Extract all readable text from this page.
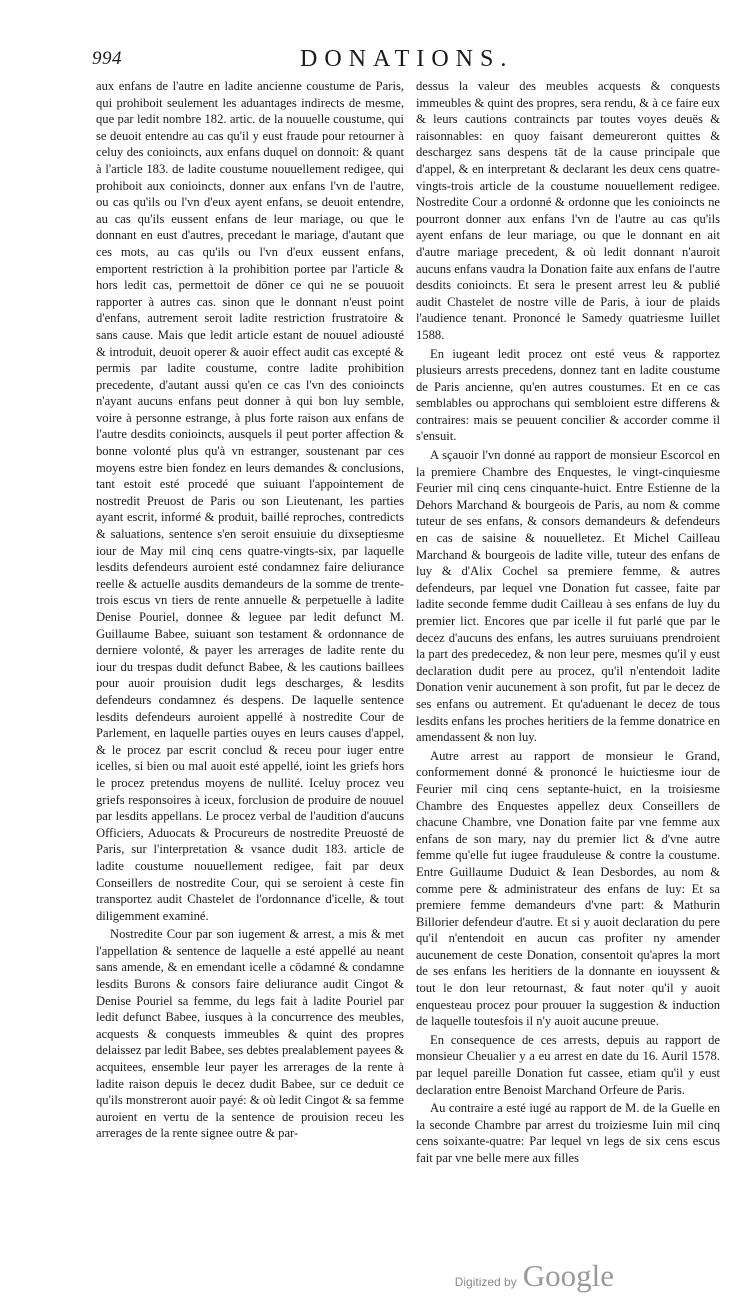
994	DONATIONS.

aux enfans de l'autre en ladite ancienne coustume de Paris, qui prohiboit seulement les aduantages indirects de mesme, que par ledit nombre 182. artic. de la nouuelle coustume, qui se deuoit entendre au cas qu'il y eust fraude pour retourner à celuy des conioincts, aux enfans duquel on donnoit: & quant à l'article 183. de ladite coustume nouuellement redigee, qui prohiboit aux conioincts, donner aux enfans l'vn de l'autre, ou cas qu'ils ou l'vn d'eux ayent enfans, se deuoit entendre, au cas qu'ils eussent enfans de leur mariage, ou que le donnant en eust d'autres, precedant le mariage, d'autant que ces mots, au cas qu'ils ou l'vn d'eux eussent enfans, emportent restriction à la prohibition portee par l'article & hors ledit cas, permettoit de dōner ce qui ne se pouuoit rapporter à autres cas. sinon que le donnant n'eust point d'enfans, autrement seroit ladite restriction frustratoire & sans cause. Mais que ledit article estant de nouuel adiousté & introduit, deuoit operer & auoir effect audit cas excepté & permis par ladite coustume, contre ladite prohibition precedente, d'autant aussi qu'en ce cas l'vn des conioincts n'ayant aucuns enfans peut donner à qui bon luy semble, voire à personne estrange, à plus forte raison aux enfans de l'autre desdits conioincts, ausquels il peut porter affection & bonne volonté plus qu'à vn estranger, soustenant par ces moyens estre bien fondez en leurs demandes & conclusions, tant estoit esté procedé que suiuant l'appointement de nostredit Preuost de Paris ou son Lieutenant, les parties ayant escrit, informé & produit, baillé reproches, contredicts & saluations, sentence s'en seroit ensuiuie du dixseptiesme iour de May mil cinq cens quatre-vingts-six, par laquelle lesdits defendeurs auroient esté condamnez faire deliurance reelle & actuelle ausdits demandeurs de la somme de trente-trois escus vn tiers de rente annuelle & perpetuelle à ladite Denise Pouriel, donnee & leguee par ledit defunct M. Guillaume Babee, suiuant son testament & ordonnance de derniere volonté, & payer les arrerages de ladite rente du iour du trespas dudit defunct Babee, & les cautions baillees pour auoir prouision dudit legs descharges, & lesdits defendeurs condamnez és despens. De laquelle sentence lesdits defendeurs auroient appellé à nostredite Cour de Parlement, en laquelle parties ouyes en leurs causes d'appel, & le procez par escrit conclud & receu pour iuger entre icelles, si bien ou mal auoit esté appellé, ioint les griefs hors le procez pretendus moyens de nullité. Iceluy procez veu griefs responsoires à iceux, forclusion de produire de nouuel par lesdits appellans. Le procez verbal de l'audition d'aucuns Officiers, Aduocats & Procureurs de nostredite Preuosté de Paris, sur l'interpretation & vsance dudit 183. article de ladite coustume nouuellement redigee, fait par deux Conseillers de nostredite Cour, qui se seroient à ceste fin transportez audit Chastelet de l'ordonnance d'icelle, & tout diligemment examiné.

Nostredite Cour par son iugement & arrest, a mis & met l'appellation & sentence de laquelle a esté appellé au neant sans amende, & en emendant icelle a cōdamné & condamne lesdits Burons & consors faire deliurance audit Cingot & Denise Pouriel sa femme, du legs fait à ladite Pouriel par ledit defunct Babee, iusques à la concurrence des meubles, acquests & conquests immeubles & quint des propres delaissez par ledit Babee, ses debtes prealablement payees & acquitees, ensemble leur payer les arrerages de la rente à ladite raison depuis le decez dudit Babee, sur ce deduit ce qu'ils monstreront auoir payé: & où ledit Cingot & sa femme auroient en vertu de la sentence de prouision receu les arrerages de la rente signee outre & par-

dessus la valeur des meubles acquests & conquests immeubles & quint des propres, sera rendu, & à ce faire eux & leurs cautions contraincts par toutes voyes deuës & raisonnables: en quoy faisant demeureront quittes & deschargez sans despens tāt de la cause principale que d'appel, & en interpretant & declarant les deux cens quatre-vingts-trois article de la coustume nouuellement redigee. Nostredite Cour a ordonné & ordonne que les conioincts ne pourront donner aux enfans l'vn de l'autre au cas qu'ils ayent enfans de leur mariage, ou que le donnant en ait d'autre mariage precedent, & où ledit donnant n'auroit aucuns enfans vaudra la Donation faite aux enfans de l'autre desdits conioincts. Et sera le present arrest leu & publié audit Chastelet de nostre ville de Paris, à iour de plaids l'audience tenant. Prononcé le Samedy quatriesme Iuillet 1588.

En iugeant ledit procez ont esté veus & rapportez plusieurs arrests precedens, donnez tant en ladite coustume de Paris ancienne, qu'en autres coustumes. Et en ce cas semblables ou approchans qui sembloient estre differens & contraires: mais se peuuent concilier & accorder comme il s'ensuit.

A sçauoir l'vn donné au rapport de monsieur Escorcol en la premiere Chambre des Enquestes, le vingt-cinquiesme Feurier mil cinq cens cinquante-huict. Entre Estienne de la Dehors Marchand & bourgeois de Paris, au nom & comme tuteur de ses enfans, & consors demandeurs & defendeurs en cas de saisine & nouuelletez. Et Michel Cailleau Marchand & bourgeois de ladite ville, tuteur des enfans de luy & d'Alix Cochel sa premiere femme, & autres defendeurs, par lequel vne Donation fut cassee, faite par ladite seconde femme dudit Cailleau à ses enfans de luy du premier lict. Encores que par icelle il fut parlé que par le decez d'aucuns des enfans, les autres suruiuans prendroient la part des predecedez, & non leur pere, mesmes qu'il y eust declaration dudit pere au procez, qu'il n'entendoit ladite Donation venir aucunement à son profit, fut par le decez de ses enfans ou autrement. Et qu'aduenant le decez de tous lesdits enfans les proches heritiers de la femme donatrice en amendassent & non luy.

Autre arrest au rapport de monsieur le Grand, conformement donné & prononcé le huictiesme iour de Feurier mil cinq cens septante-huict, en la troisiesme Chambre des Enquestes appellez deux Conseillers de chacune Chambre, vne Donation faite par vne femme aux enfans de son mary, nay du premier lict & d'vne autre femme qu'elle fut iugee frauduleuse & contre la coustume. Entre Guillaume Duduict & Iean Desbordes, au nom & comme pere & administrateur des enfans de luy: Et sa premiere femme demandeurs d'vne part: & Mathurin Billorier defendeur d'autre. Et si y auoit declaration du pere qu'il n'entendoit en aucun cas profiter ny amender aucunement de ceste Donation, consentoit qu'apres la mort de ses enfans les heritiers de la donnante en iouyssent & tout le don leur retournast, & faut noter qu'il y auoit enquesteau procez pour prouuer la suggestion & induction de laquelle toutesfois il n'y auoit aucune preuue.

En consequence de ces arrests, depuis au rapport de monsieur Cheualier y a eu arrest en date du 16. Auril 1578. par lequel pareille Donation fut cassee, etiam qu'il y eust declaration entre Benoist Marchand Orfeure de Paris.

Au contraire a esté iugé au rapport de M. de la Guelle en la seconde Chambre par arrest du troiziesme Iuin mil cinq cens soixante-quatre: Par lequel vn legs de six cens escus fait par vne belle mere aux filles

Digitized by Google
